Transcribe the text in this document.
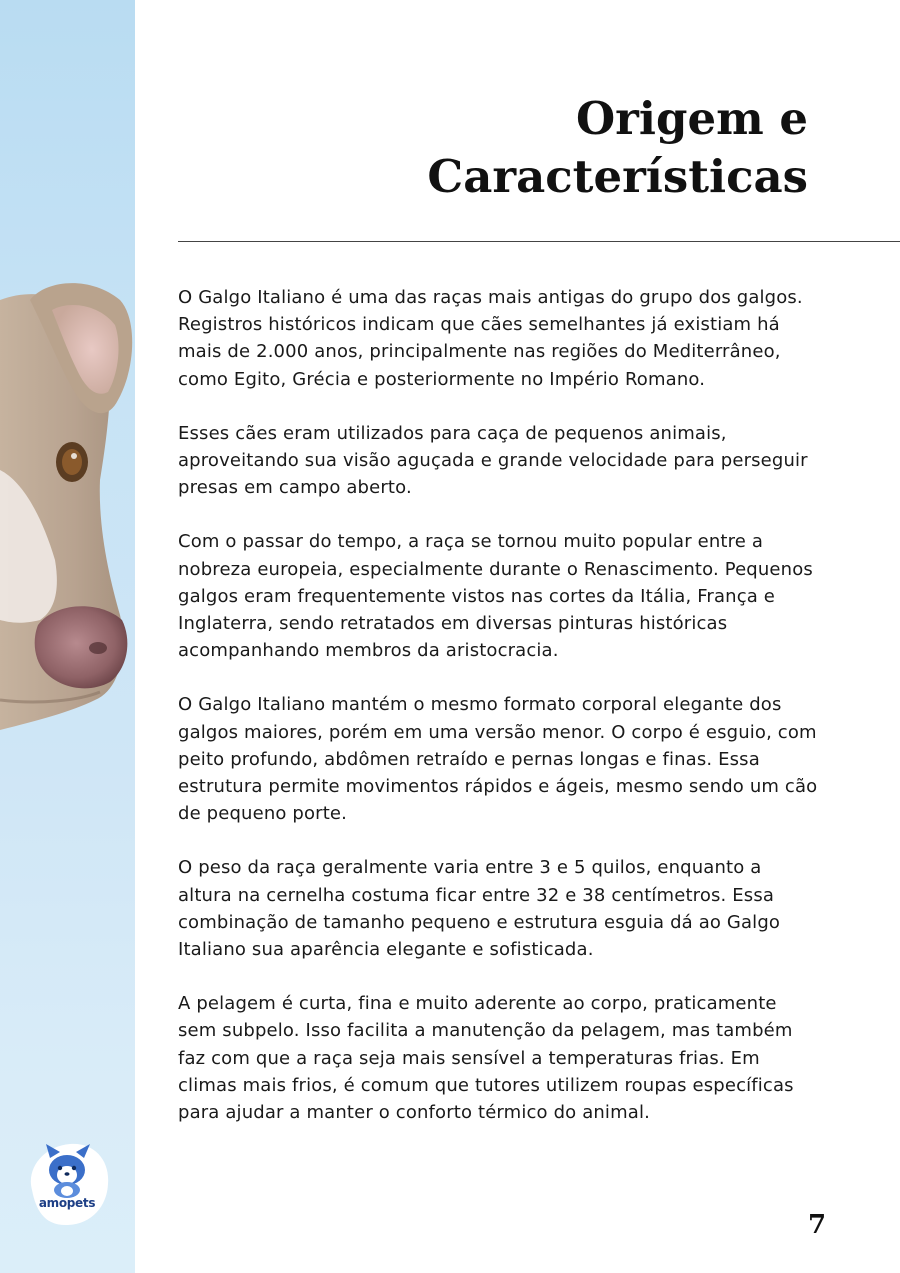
amopets
Origem e
Características

O Galgo Italiano é uma das raças mais antigas do grupo dos galgos. Registros históricos indicam que cães semelhantes já existiam há mais de 2.000 anos, principalmente nas regiões do Mediterrâneo, como Egito, Grécia e posteriormente no Império Romano.

Esses cães eram utilizados para caça de pequenos animais, aproveitando sua visão aguçada e grande velocidade para perseguir presas em campo aberto.

Com o passar do tempo, a raça se tornou muito popular entre a nobreza europeia, especialmente durante o Renascimento. Pequenos galgos eram frequentemente vistos nas cortes da Itália, França e Inglaterra, sendo retratados em diversas pinturas históricas acompanhando membros da aristocracia.

O Galgo Italiano mantém o mesmo formato corporal elegante dos galgos maiores, porém em uma versão menor. O corpo é esguio, com peito profundo, abdômen retraído e pernas longas e finas. Essa estrutura permite movimentos rápidos e ágeis, mesmo sendo um cão de pequeno porte.

O peso da raça geralmente varia entre 3 e 5 quilos, enquanto a altura na cernelha costuma ficar entre 32 e 38 centímetros. Essa combinação de tamanho pequeno e estrutura esguia dá ao Galgo Italiano sua aparência elegante e sofisticada.

A pelagem é curta, fina e muito aderente ao corpo, praticamente sem subpelo. Isso facilita a manutenção da pelagem, mas também faz com que a raça seja mais sensível a temperaturas frias. Em climas mais frios, é comum que tutores utilizem roupas específicas para ajudar a manter o conforto térmico do animal.

7
